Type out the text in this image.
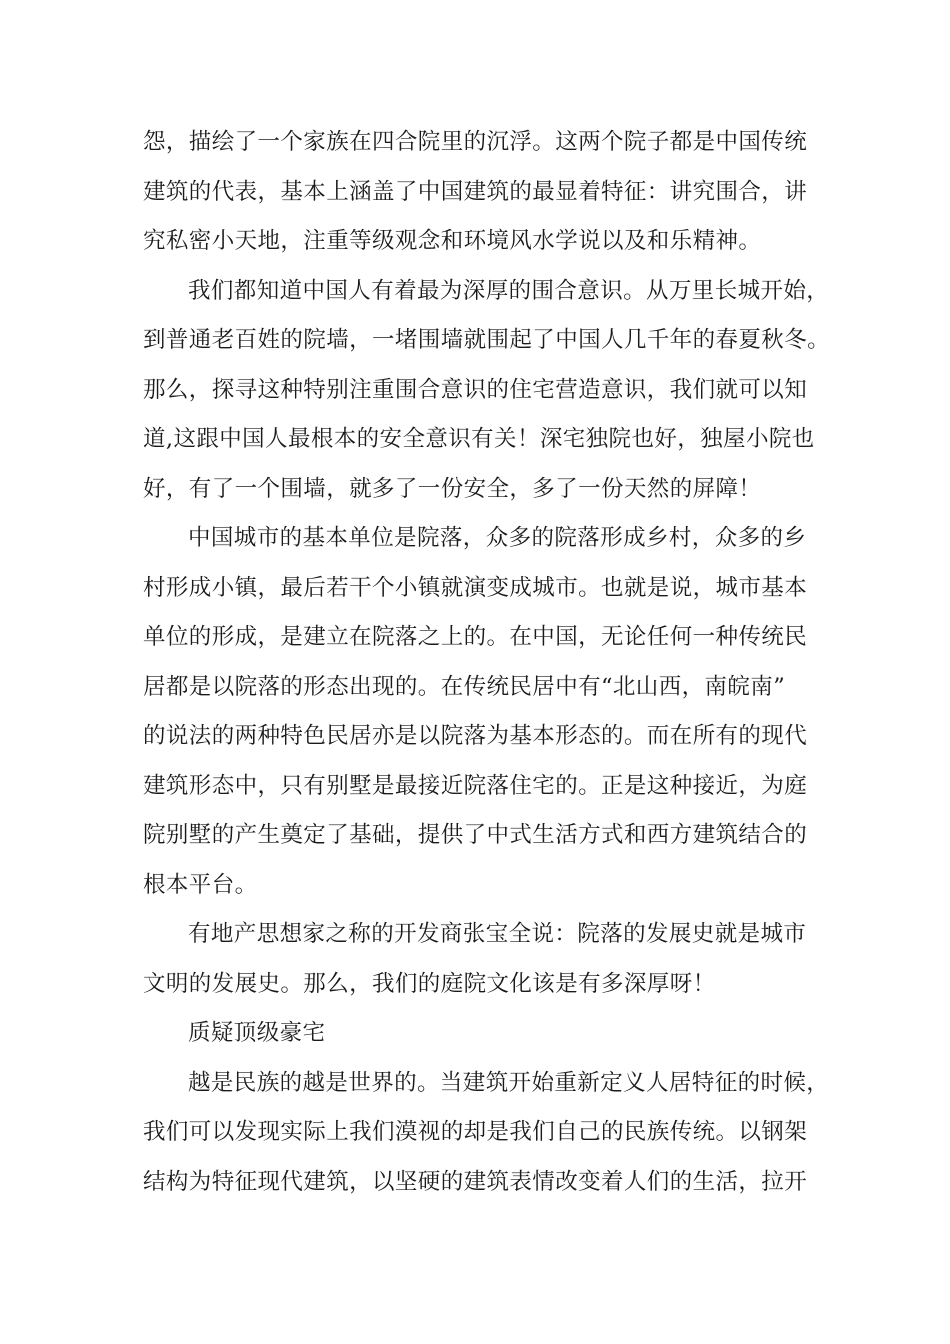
怨，描绘了一个家族在四合院里的沉浮。这两个院子都是中国传统
建筑的代表，基本上涵盖了中国建筑的最显着特征：讲究围合，讲
究私密小天地，注重等级观念和环境风水学说以及和乐精神。
我们都知道中国人有着最为深厚的围合意识。从万里长城开始，
到普通老百姓的院墙，一堵围墙就围起了中国人几千年的春夏秋冬。
那么，探寻这种特别注重围合意识的住宅营造意识，我们就可以知
道,这跟中国人最根本的安全意识有关！深宅独院也好，独屋小院也
好，有了一个围墙，就多了一份安全，多了一份天然的屏障！
中国城市的基本单位是院落，众多的院落形成乡村，众多的乡
村形成小镇，最后若干个小镇就演变成城市。也就是说，城市基本
单位的形成，是建立在院落之上的。在中国，无论任何一种传统民
居都是以院落的形态出现的。在传统民居中有“北山西，南皖南”
的说法的两种特色民居亦是以院落为基本形态的。而在所有的现代
建筑形态中，只有别墅是最接近院落住宅的。正是这种接近，为庭
院别墅的产生奠定了基础，提供了中式生活方式和西方建筑结合的
根本平台。
有地产思想家之称的开发商张宝全说：院落的发展史就是城市
文明的发展史。那么，我们的庭院文化该是有多深厚呀！
质疑顶级豪宅
越是民族的越是世界的。当建筑开始重新定义人居特征的时候，
我们可以发现实际上我们漠视的却是我们自己的民族传统。以钢架
结构为特征现代建筑，以坚硬的建筑表情改变着人们的生活，拉开
